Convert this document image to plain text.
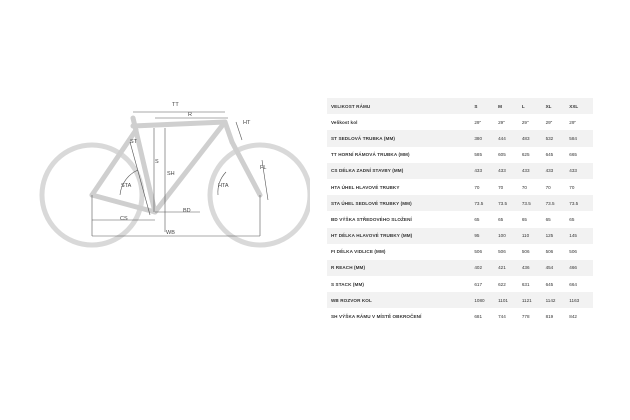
TT
R
HT
ST
S
SH
STA	HTA
FL
BD
CS
WB
VELIKOST RÁMU	S	M	L	XL	XXL
Velikost kol	29"	29"	29"	29"	29"
ST SEDLOVÁ TRUBKA (MM)	380	444	483	532	584
TT HORNÍ RÁMOVÁ TRUBKA (MM)	585	605	625	645	665
CS DÉLKA ZADNÍ STAVBY (MM)	433	433	433	433	433
HTA ÚHEL HLAVOVÉ TRUBKY	70	70	70	70	70
STA ÚHEL SEDLOVÉ TRUBKY (MM)	73.5	73.5	73.5	73.5	73.5
BD VÝŠKA STŘEDOVÉHO SLOŽENÍ	65	65	65	65	65
HT DÉLKA HLAVOVÉ TRUBKY (MM)	95	100	110	125	145
FI DÉLKA VIDLICE (MM)	506	506	506	506	506
R REACH (MM)	402	421	436	454	466
S STACK (MM)	617	622	631	645	664
WB ROZVOR KOL	1080	1101	1121	1142	1163
SH VÝŠKA RÁMU V MÍSTĚ OBKROČENÍ	681	744	778	819	842
